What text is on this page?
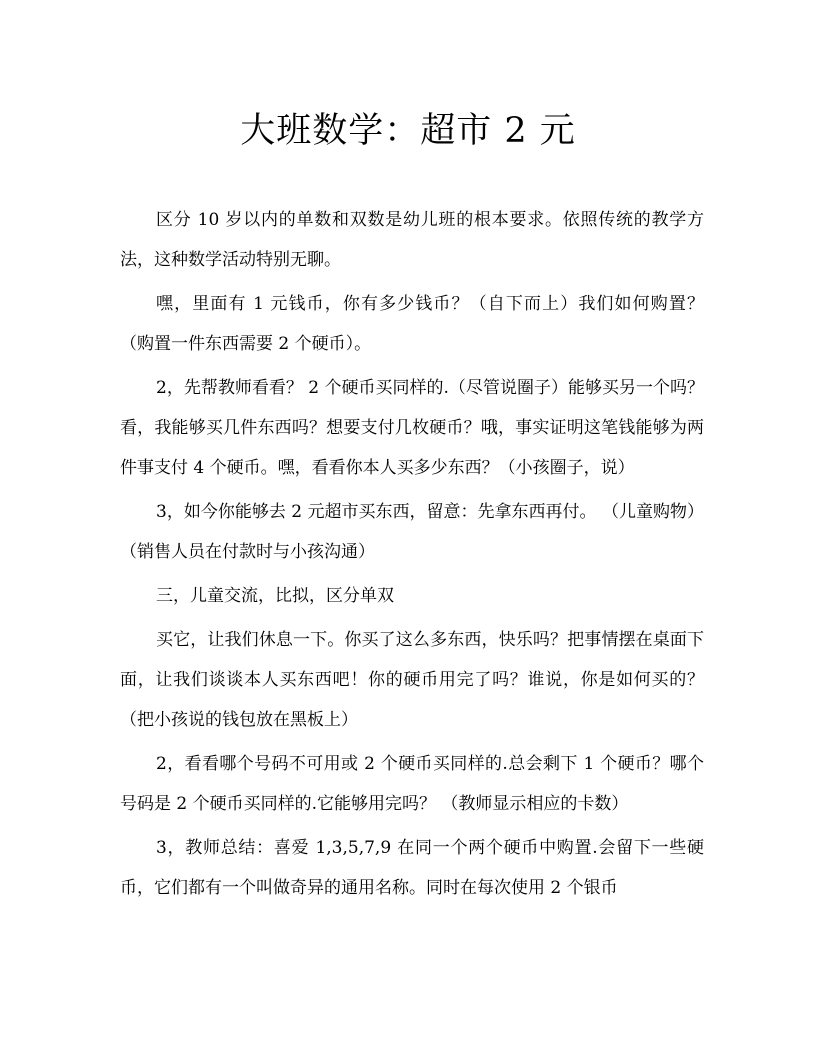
大班数学：超市 2 元

区分 10 岁以内的单数和双数是幼儿班的根本要求。依照传统的教学方法，这种数学活动特别无聊。

嘿，里面有 1 元钱币，你有多少钱币？（自下而上）我们如何购置？（购置一件东西需要 2 个硬币）。

2，先帮教师看看？ 2 个硬币买同样的.（尽管说圈子）能够买另一个吗？看，我能够买几件东西吗？想要支付几枚硬币？哦，事实证明这笔钱能够为两件事支付 4 个硬币。嘿，看看你本人买多少东西？（小孩圈子，说）

3，如今你能够去 2 元超市买东西，留意：先拿东西再付。 （儿童购物）（销售人员在付款时与小孩沟通）

三，儿童交流，比拟，区分单双

买它，让我们休息一下。你买了这么多东西，快乐吗？把事情摆在桌面下面，让我们谈谈本人买东西吧！你的硬币用完了吗？谁说，你是如何买的？ （把小孩说的钱包放在黑板上）

2，看看哪个号码不可用或 2 个硬币买同样的.总会剩下 1 个硬币？哪个号码是 2 个硬币买同样的.它能够用完吗？ （教师显示相应的卡数）

3，教师总结：喜爱 1,3,5,7,9 在同一个两个硬币中购置.会留下一些硬币，它们都有一个叫做奇异的通用名称。同时在每次使用 2 个银币
